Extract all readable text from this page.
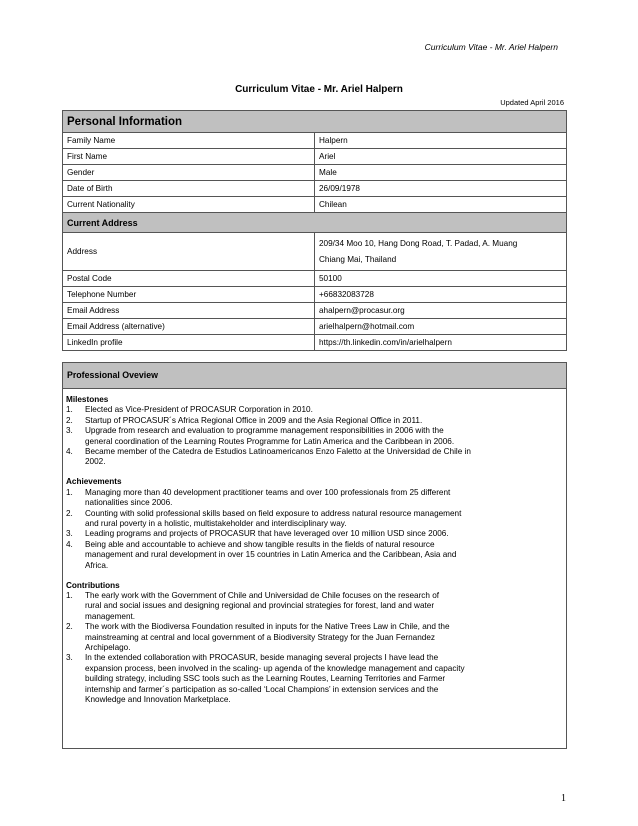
Curriculum Vitae - Mr. Ariel Halpern
Curriculum Vitae - Mr. Ariel Halpern
Updated April 2016
Personal Information	
Family Name	Halpern
First Name	Ariel
Gender	Male
Date of Birth	26/09/1978
Current Nationality	Chilean
Current Address	
Address	209/34 Moo 10, Hang Dong Road, T. Padad, A. Muang
Chiang Mai, Thailand

Postal Code	50100
Telephone Number	+66832083728
Email Address	ahalpern@procasur.org
Email Address (alternative)	arielhalpern@hotmail.com
LinkedIn profile	https://th.linkedin.com/in/arielhalpern
Professional Oveview
Milestones
1. Elected as Vice-President of PROCASUR Corporation in 2010.
2. Startup of PROCASUR´s Africa Regional Office in 2009 and the Asia Regional Office in 2011.
3. Upgrade from research and evaluation to programme management responsibilities in 2006 with the
general coordination of the Learning Routes Programme for Latin America and the Caribbean in 2006.
4. Became member of the Catedra de Estudios Latinoamericanos Enzo Faletto at the Universidad de Chile in
2002.
Achievements
1. Managing more than 40 development practitioner teams and over 100 professionals from 25 different
nationalities since 2006.
2. Counting with solid professional skills based on field exposure to address natural resource management
and rural poverty in a holistic, multistakeholder and interdisciplinary way.
3. Leading programs and projects of PROCASUR that have leveraged over 10 million USD since 2006.
4. Being able and accountable to achieve and show tangible results in the fields of natural resource
management and rural development in over 15 countries in Latin America and the Caribbean, Asia and
Africa.
Contributions
1. The early work with the Government of Chile and Universidad de Chile focuses on the research of
rural and social issues and designing regional and provincial strategies for forest, land and water
management.
2. The work with the Biodiversa Foundation resulted in inputs for the Native Trees Law in Chile, and the
mainstreaming at central and local government of a Biodiversity Strategy for the Juan Fernandez
Archipelago.
3. In the extended collaboration with PROCASUR, beside managing several projects I have lead the
expansion process, been involved in the scaling- up agenda of the knowledge management and capacity
building strategy, including SSC tools such as the Learning Routes, Learning Territories and Farmer
internship and farmer´s participation as so-called ‘Local Champions’ in extension services and the
Knowledge and Innovation Marketplace.
1
